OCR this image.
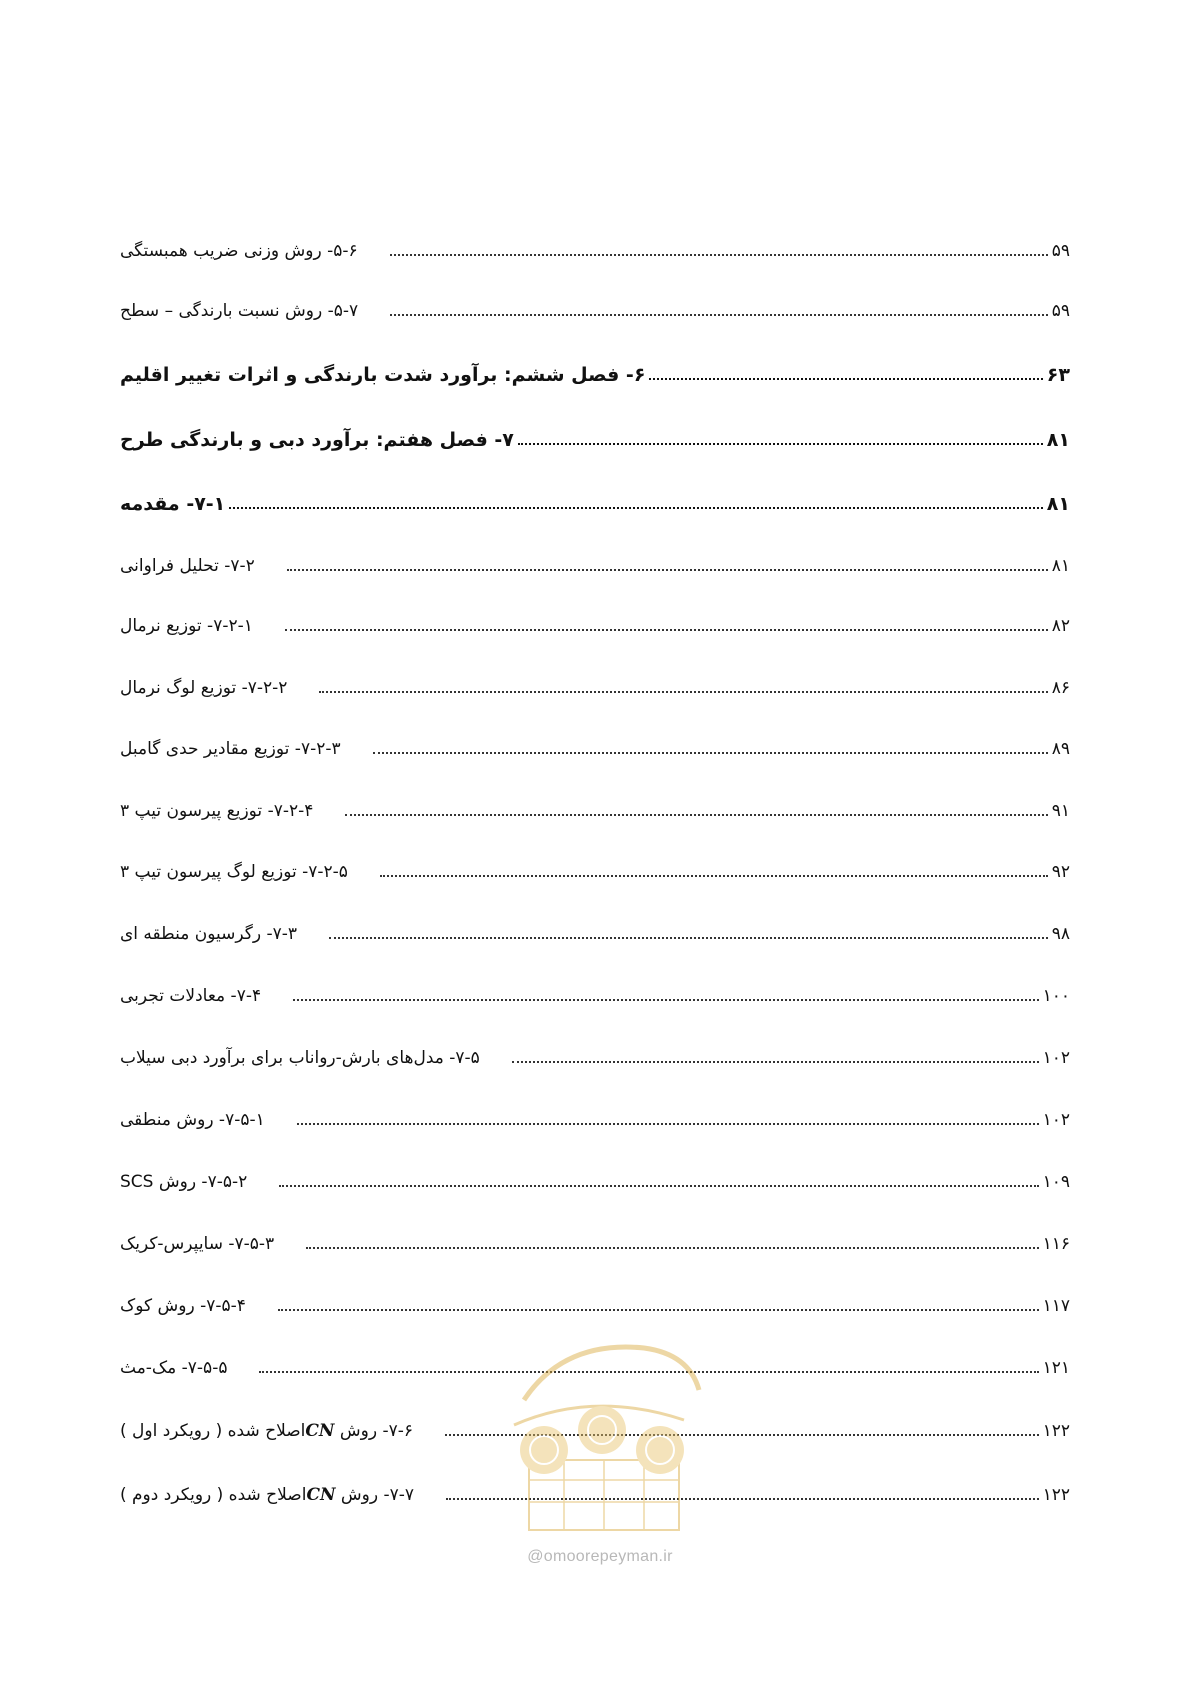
۵-۶- روش وزنی ضریب همبستگی	۵۹
۵-۷- روش نسبت بارندگی – سطح	۵۹
۶- فصل ششم: برآورد شدت بارندگی و اثرات تغییر اقلیم	۶۳
۷- فصل هفتم: برآورد دبی و بارندگی طرح	۸۱
۷-۱- مقدمه	۸۱
۷-۲- تحلیل فراوانی	۸۱
۷-۲-۱- توزیع نرمال	۸۲
۷-۲-۲- توزیع لوگ نرمال	۸۶
۷-۲-۳- توزیع مقادیر حدی گامبل	۸۹
۷-۲-۴- توزیع پیرسون تیپ ۳	۹۱
۷-۲-۵- توزیع لوگ پیرسون تیپ ۳	۹۲
۷-۳- رگرسیون منطقه ای	۹۸
۷-۴- معادلات تجربی	۱۰۰
۷-۵- مدل‌های بارش-رواناب برای برآورد دبی سیلاب	۱۰۲
۷-۵-۱- روش منطقی	۱۰۲
۷-۵-۲- روش SCS	۱۰۹
۷-۵-۳- سایپرس-کریک	۱۱۶
۷-۵-۴- روش کوک	۱۱۷
۷-۵-۵- مک-مث	۱۲۱
۷-۶- روش CNاصلاح شده ( رویکرد اول )	۱۲۲
۷-۷- روش CNاصلاح شده ( رویکرد دوم )	۱۲۲
@omoorepeyman.ir
